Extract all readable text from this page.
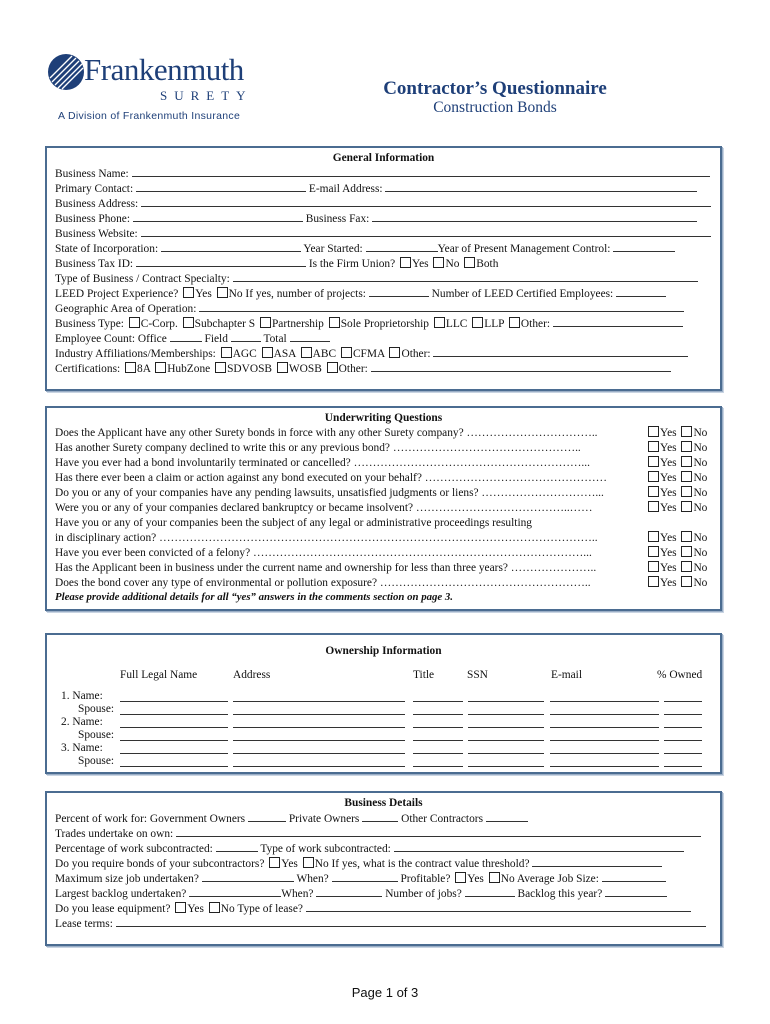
Frankenmuth
SURETY
A Division of Frankenmuth Insurance
Contractor’s Questionnaire
Construction Bonds
General Information
Business Name:
Primary Contact:	E-mail Address:
Business Address:
Business Phone:	Business Fax:
Business Website:
State of Incorporation:	Year Started:	Year of Present Management Control:
Business Tax ID:	Is the Firm Union? Yes No Both
Type of Business / Contract Specialty:
LEED Project Experience? Yes No If yes, number of projects:	Number of LEED Certified Employees:
Geographic Area of Operation:
Business Type: C-Corp. Subchapter S Partnership Sole Proprietorship LLC LLP Other:
Employee Count: Office	Field	Total
Industry Affiliations/Memberships: AGC ASA ABC CFMA Other:
Certifications: 8A HubZone SDVOSB WOSB Other:
Underwriting Questions
Does the Applicant have any other Surety bonds in force with any other Surety company? ……………………………..	Yes No
Has another Surety company declined to write this or any previous bond? …………………………………………..	Yes No
Have you ever had a bond involuntarily terminated or cancelled? ……………………………………………………...	Yes No
Has there ever been a claim or action against any bond executed on your behalf? …………………………………………	Yes No
Do you or any of your companies have any pending lawsuits, unsatisfied judgments or liens? …………………………...	Yes No
Were you or any of your companies declared bankruptcy or became insolvent? …………………………………..……	Yes No
Have you or any of your companies been the subject of any legal or administrative proceedings resulting
in disciplinary action? ……………………………………………………………………………………………………..	Yes No
Have you ever been convicted of a felony? ……………………………………………………………………………...	Yes No
Has the Applicant been in business under the current name and ownership for less than three years? …………………..	Yes No
Does the bond cover any type of environmental or pollution exposure? ………………………………………………..	Yes No
Please provide additional details for all “yes” answers in the comments section on page 3.
Ownership Information
Full Legal Name	Address	Title	SSN	E-mail	% Owned
1. Name:
Spouse:
2. Name:
Spouse:
3. Name:
Spouse:
Business Details
Percent of work for: Government Owners	Private Owners	Other Contractors
Trades undertake on own:
Percentage of work subcontracted:	Type of work subcontracted:
Do you require bonds of your subcontractors? Yes No If yes, what is the contract value threshold?
Maximum size job undertaken?	When?	Profitable? Yes No Average Job Size:
Largest backlog undertaken?	When?	Number of jobs?	Backlog this year?
Do you lease equipment? Yes No Type of lease?
Lease terms:
Page 1 of 3
